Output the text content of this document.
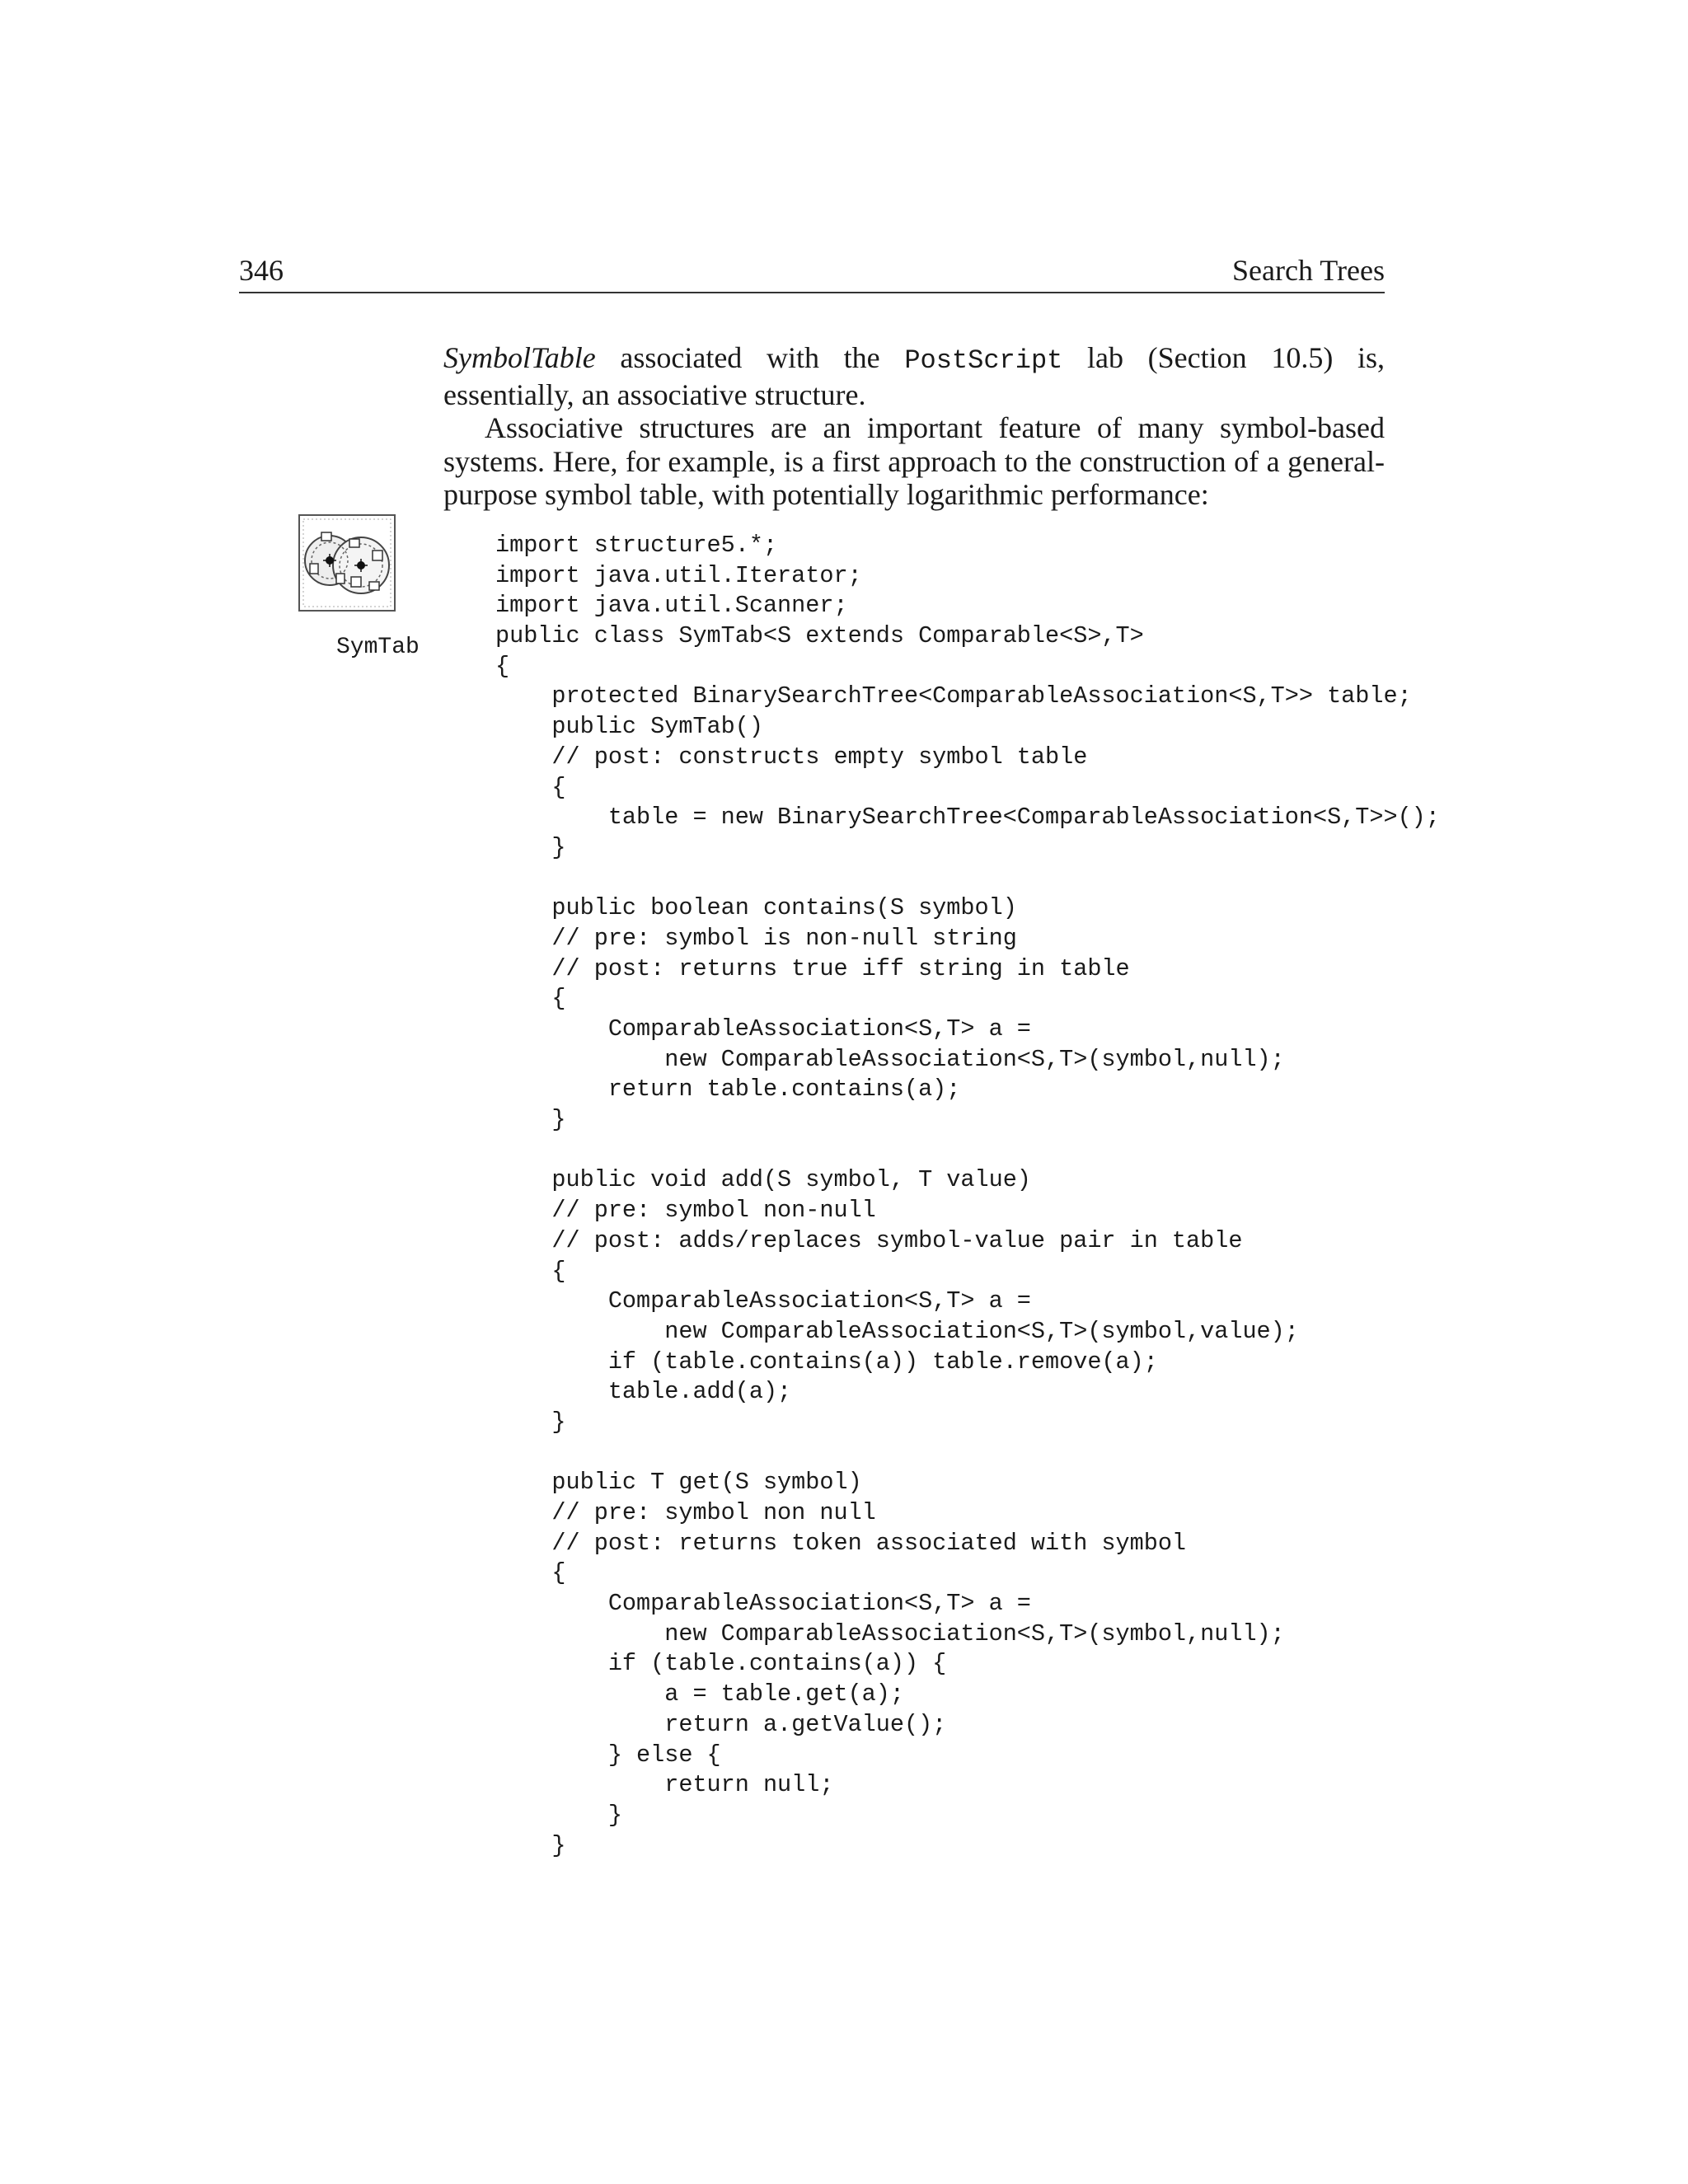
346	Search Trees

SymbolTable associated with the PostScript lab (Section 10.5) is, essentially, an associative structure.

Associative structures are an important feature of many symbol-based systems. Here, for example, is a first approach to the construction of a general-purpose symbol table, with potentially logarithmic performance:

SymTab
import structure5.*;
import java.util.Iterator;
import java.util.Scanner;
public class SymTab<S extends Comparable<S>,T>
{
protected BinarySearchTree<ComparableAssociation<S,T>> table;
public SymTab()
// post: constructs empty symbol table
{
table = new BinarySearchTree<ComparableAssociation<S,T>>();
}
public boolean contains(S symbol)
// pre: symbol is non-null string
// post: returns true iff string in table
{
ComparableAssociation<S,T> a =
new ComparableAssociation<S,T>(symbol,null);
return table.contains(a);
}
public void add(S symbol, T value)
// pre: symbol non-null
// post: adds/replaces symbol-value pair in table
{
ComparableAssociation<S,T> a =
new ComparableAssociation<S,T>(symbol,value);
if (table.contains(a)) table.remove(a);
table.add(a);
}
public T get(S symbol)
// pre: symbol non null
// post: returns token associated with symbol
{
ComparableAssociation<S,T> a =
new ComparableAssociation<S,T>(symbol,null);
if (table.contains(a)) {
a = table.get(a);
return a.getValue();
} else {
return null;
}
}
